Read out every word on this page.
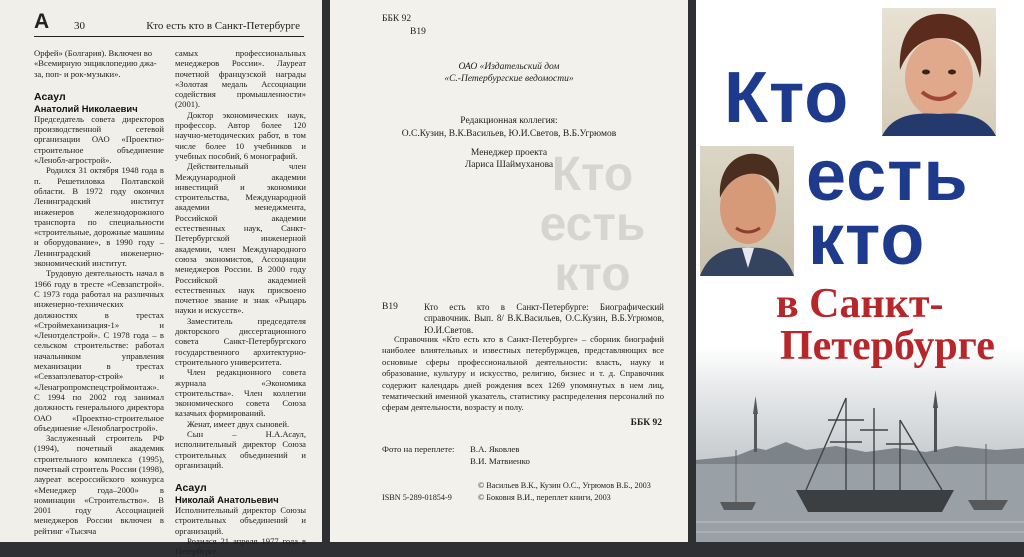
А 30	Кто есть кто в Санкт-Петербурге

Орфей» (Болгария). Включен во
«Всемирную энциклопедию джа-
за, поп- и рок-музыки».

Асаул
Анатолий Николаевич

Председатель совета директоров производственной сетевой организации ОАО «Проектно-строительное объединение «Ленобл-агростр​ой».

Родился 31 октября 1948 года в п. Решетиловка Полтавской области. В 1972 году окончил Ленинградский институт инженеров железнодорожного транспорта по специальности «строительные, дорожные машины и оборудование», в 1990 году – Ленинградский инженерно-экономический институт.

Трудовую деятельность начал в 1966 году в тресте «Севзапстрой». С 1973 года работал на различных инженерно-технических должностях в трестах «Строймеханизация-1» и «Ленотделстрой». С 1978 года – в сельском строительстве: работал начальником управления механизации в трестах «Севзапэлеватор-строй» и «Ленагропромспецстроймонтаж». С 1994 по 2002 год занимал должность генерального директора ОАО «Проектно-строительное объединение «Леноблагрострой».

Заслуженный строитель РФ (1994), почетный академик строительного комплекса (1995), почетный строитель России (1998), лауреат всероссийского конкурса «Менеджер года–2000» в номинации «Строительство». В 2001 году Ассоциацией менеджеров России включен в рейтинг «Тысяча

самых профессиональных менеджеров России». Лауреат почетной французской награды «Золотая медаль Ассоциации содействия промышленности» (2001).

Доктор экономических наук, профессор. Автор более 120 научно-методических работ, в том числе более 10 учебников и учебных пособий, 6 монографий.

Действительный член Международной академии инвестиций и экономики строительства, Международной академии менеджмента, Российской академии естественных наук, Санкт-Петербургской инженерной академии, член Международного союза экономистов, Ассоциации менеджеров России. В 2000 году Российской академией естественных наук присвоено почетное звание и знак «Рыцарь науки и искусств».

Заместитель председателя докторского диссертационного совета Санкт-Петербургского государственного архитектурно-строительного университета.

Член редакционного совета журнала «Экономика строительства». Член коллегии экономического совета Союза казачьих формирований.

Женат, имеет двух сыновей.

Сын – Н.А.Асаул, исполнительный директор Союза строительных объединений и организаций.

Асаул
Николай Анатольевич

Исполнительный директор Союзы строительных объединений и организаций.

Родился 21 апреля 1977 года в Петербурге.

Кто
есть
кто
ББК 92
В19
ОАО «Издательский дом
«С.-Петербургские ведомости»
Редакционная коллегия:
О.С.Кузин, В.К.Васильев, Ю.И.Светов, В.Б.Угрюмов
Менеджер проекта
Лариса Шаймуханова
В19	Кто есть кто в Санкт-Петербурге: Биографический справочник. Вып. 8/ В.К.Васильев, О.С.Кузин, В.Б.Угрюмов, Ю.И.Светов.
Справочник «Кто есть кто в Санкт-Петербурге» – сборник биографий наиболее влиятельных и известных петербуржцев, представляющих все основные сферы профессиональной деятельности: власть, науку и образование, культуру и искусство, религию, бизнес и т. д. Справочник содержит календарь дней рождения всех 1269 упомянутых в нем лиц, тематический именной указатель, статистику распределения персоналий по сферам деятельности, возрасту и полу.
ББК 92
Фото на переплете: В.А. Яковлев
В.И. Матвиенко
© Васильев В.К., Кузин О.С., Угрюмов В.Б., 2003
ISBN 5-289-01854-9	© Боковня В.И., переплет книги, 2003
Кто
есть
кто
в Санкт-
Петербурге
